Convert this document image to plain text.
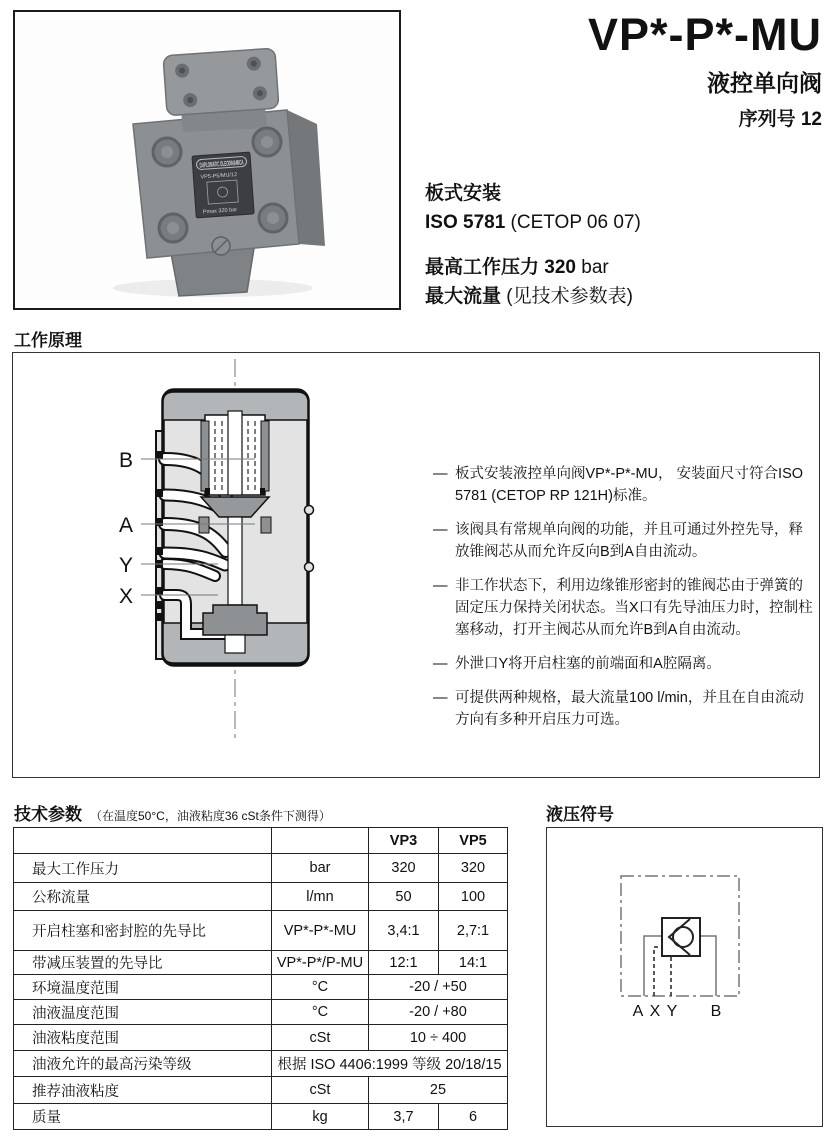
VP5-P5/MU/12
Pmax 320 bar
VP*-P*-MU
液控单向阀
序列号 12
板式安装
ISO 5781 (CETOP 06 07)
最高工作压力 320 bar
最大流量 (见技术参数表)
工作原理
B
A
Y
X
— 板式安装液控单向阀VP*-P*-MU， 安装面尺寸符合ISO 5781 (CETOP RP 121H)标准。
— 该阀具有常规单向阀的功能，并且可通过外控先导，释放锥阀芯从而允许反向B到A自由流动。
— 非工作状态下，利用边缘锥形密封的锥阀芯由于弹簧的固定压力保持关闭状态。当X口有先导油压力时，控制柱塞移动，打开主阀芯从而允许B到A自由流动。
— 外泄口Y将开启柱塞的前端面和A腔隔离。
— 可提供两种规格，最大流量100 l/min，并且在自由流动方向有多种开启压力可选。
技术参数 （在温度50°C，油液粘度36 cSt条件下测得）
		VP3	VP5
最大工作压力	bar	320	320
公称流量	l/mn	50	100
开启柱塞和密封腔的先导比	VP*-P*-MU	3,4:1	2,7:1
带减压装置的先导比	VP*-P*/P-MU	12:1	14:1
环境温度范围	°C	-20 / +50	
油液温度范围	°C	-20 / +80	
油液粘度范围	cSt	10 ÷ 400	
油液允许的最高污染等级	根据 ISO 4406:1999 等级 20/18/15		
推荐油液粘度	cSt	25	
质量	kg	3,7	6
液压符号
A X Y B
